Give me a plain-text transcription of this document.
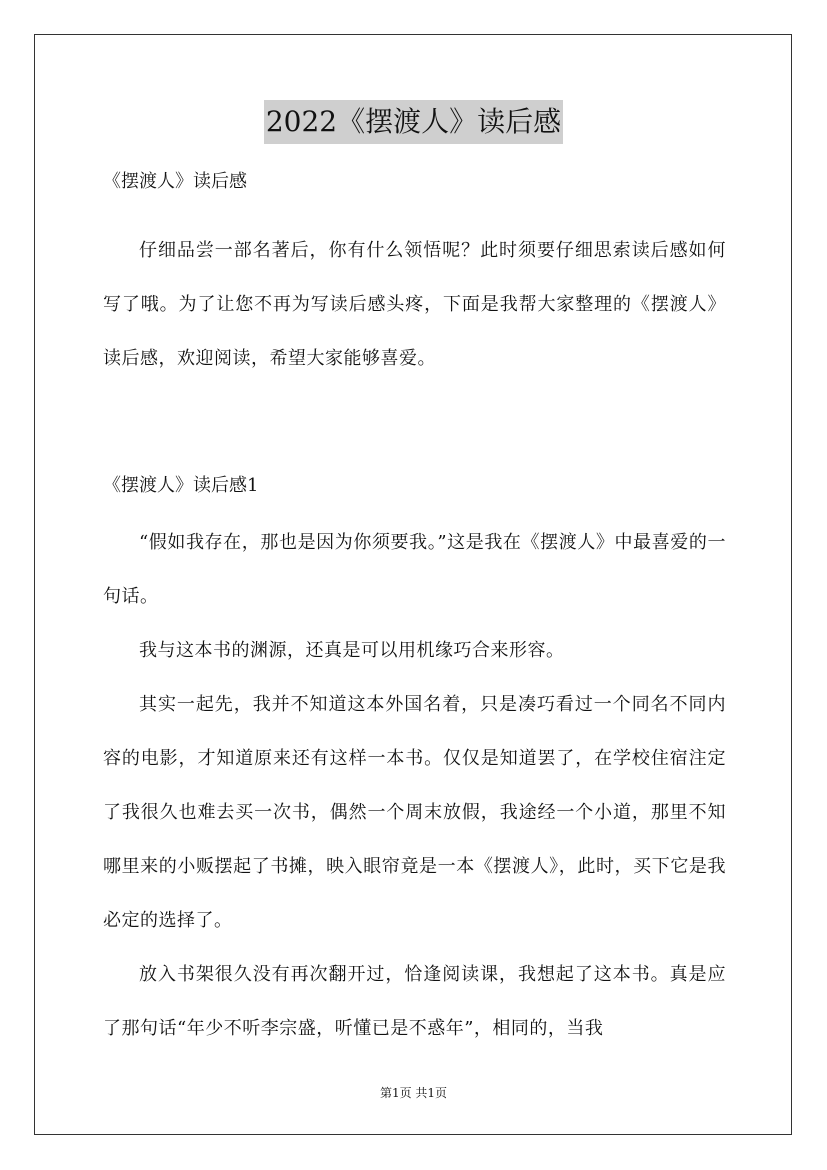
2022《摆渡人》读后感
《摆渡人》读后感

仔细品尝一部名著后，你有什么领悟呢？此时须要仔细思索读后感如何写了哦。为了让您不再为写读后感头疼，下面是我帮大家整理的《摆渡人》读后感，欢迎阅读，希望大家能够喜爱。

《摆渡人》读后感1

“假如我存在，那也是因为你须要我。”这是我在《摆渡人》中最喜爱的一句话。

我与这本书的渊源，还真是可以用机缘巧合来形容。

其实一起先，我并不知道这本外国名着，只是凑巧看过一个同名不同内容的电影，才知道原来还有这样一本书。仅仅是知道罢了，在学校住宿注定了我很久也难去买一次书，偶然一个周末放假，我途经一个小道，那里不知哪里来的小贩摆起了书摊，映入眼帘竟是一本《摆渡人》，此时，买下它是我必定的选择了。

放入书架很久没有再次翻开过，恰逢阅读课，我想起了这本书。真是应了那句话“年少不听李宗盛，听懂已是不惑年”，相同的，当我

第1页 共1页
